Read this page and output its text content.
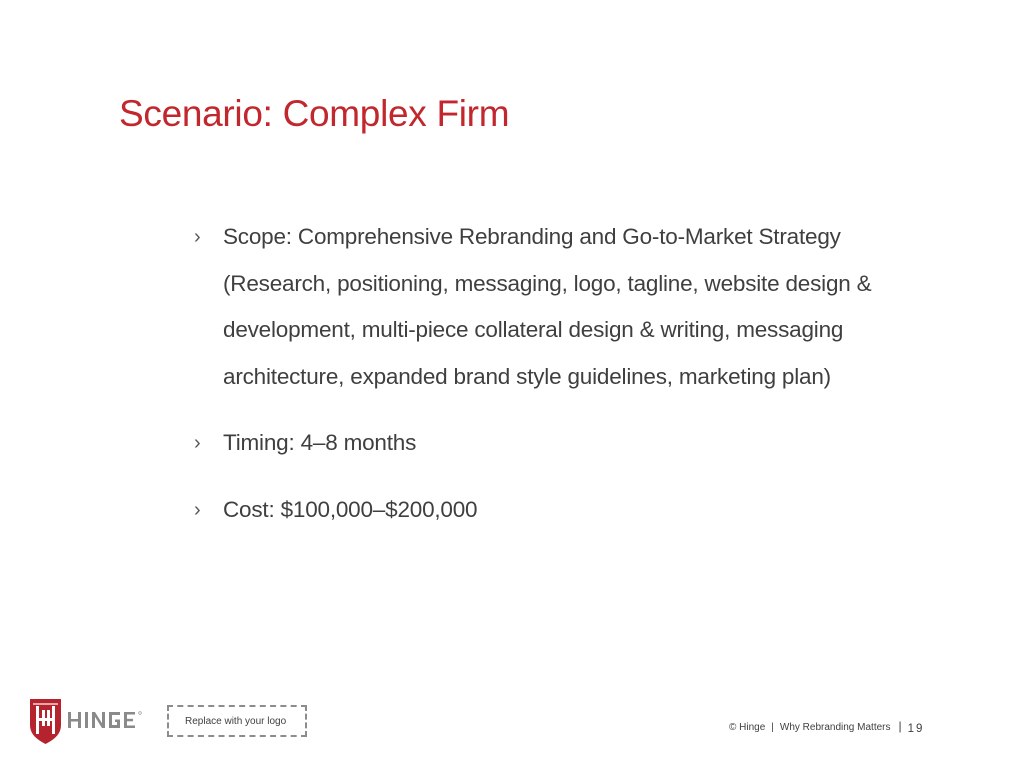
Scenario: Complex Firm
› Scope: Comprehensive Rebranding and Go-to-Market Strategy
(Research, positioning, messaging, logo, tagline, website design & development, multi-piece collateral design & writing, messaging architecture, expanded brand style guidelines, marketing plan)
› Timing: 4–8 months
› Cost: $100,000–$200,000
Replace with your logo
© Hinge | Why Rebranding Matters | 19
